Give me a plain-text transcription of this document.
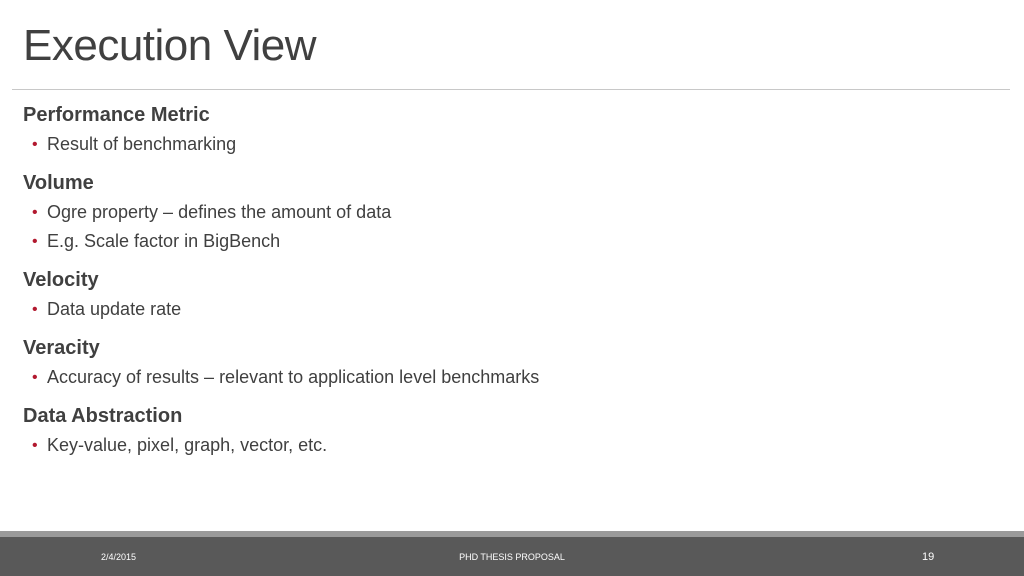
Execution View
Performance Metric
• Result of benchmarking
Volume
• Ogre property – defines the amount of data
• E.g. Scale factor in BigBench
Velocity
• Data update rate
Veracity
• Accuracy of results – relevant to application level benchmarks
Data Abstraction
• Key-value, pixel, graph, vector, etc.
2/4/2015	PHD THESIS PROPOSAL	19
